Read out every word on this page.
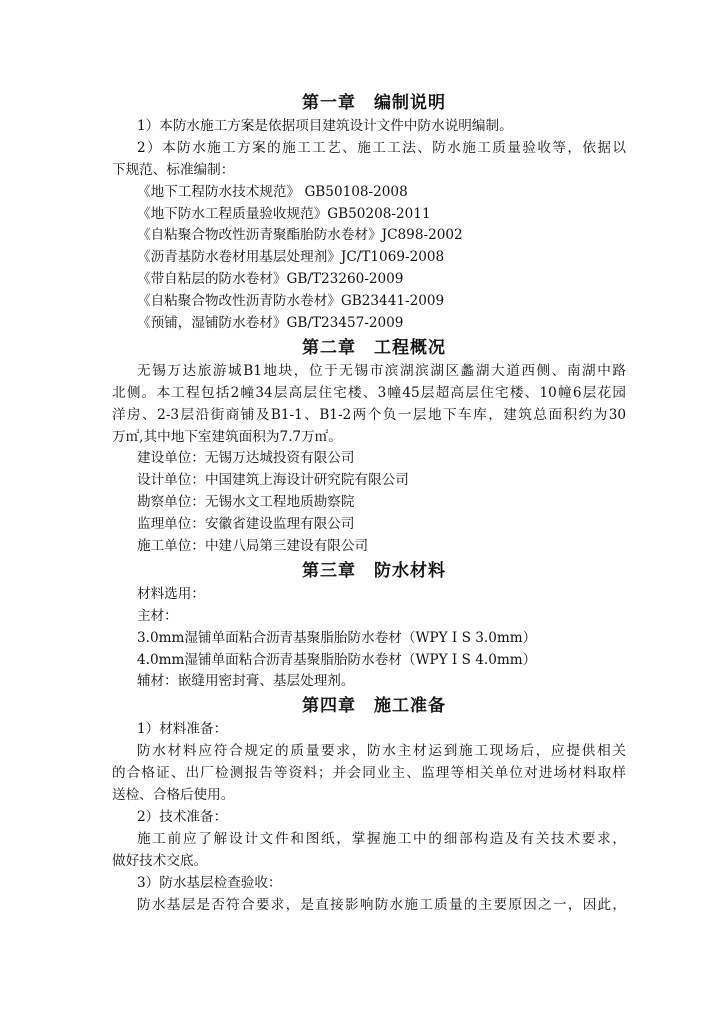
第一章　编制说明
1）本防水施工方案是依据项目建筑设计文件中防水说明编制。
2）本防水施工方案的施工工艺、施工工法、防水施工质量验收等，依据以
下规范、标准编制：
《地下工程防水技术规范》 GB50108-2008
《地下防水工程质量验收规范》GB50208-2011
《自粘聚合物改性沥青聚酯胎防水卷材》JC898-2002
《沥青基防水卷材用基层处理剂》JC/T1069-2008
《带自粘层的防水卷材》GB/T23260-2009
《自粘聚合物改性沥青防水卷材》GB23441-2009
《预铺，湿铺防水卷材》GB/T23457-2009
第二章　工程概况
无锡万达旅游城B1地块，位于无锡市滨湖滨湖区蠡湖大道西侧、南湖中路
北侧。本工程包括2幢34层高层住宅楼、3幢45层超高层住宅楼、10幢6层花园
洋房、2-3层沿街商铺及B1-1、B1-2两个负一层地下车库，建筑总面积约为30
万㎡,其中地下室建筑面积为7.7万㎡。
建设单位：无锡万达城投资有限公司
设计单位：中国建筑上海设计研究院有限公司
勘察单位：无锡水文工程地质勘察院
监理单位：安徽省建设监理有限公司
施工单位：中建八局第三建设有限公司
第三章　防水材料
材料选用：
主材：
3.0mm湿铺单面粘合沥青基聚脂胎防水卷材（WPY I S 3.0mm）
4.0mm湿铺单面粘合沥青基聚脂胎防水卷材（WPY I S 4.0mm）
辅材：嵌缝用密封膏、基层处理剂。
第四章　施工准备
1）材料准备：
防水材料应符合规定的质量要求，防水主材运到施工现场后，应提供相关
的合格证、出厂检测报告等资料；并会同业主、监理等相关单位对进场材料取样
送检、合格后使用。
2）技术准备：
施工前应了解设计文件和图纸，掌握施工中的细部构造及有关技术要求，
做好技术交底。
3）防水基层检查验收：
防水基层是否符合要求，是直接影响防水施工质量的主要原因之一，因此，
